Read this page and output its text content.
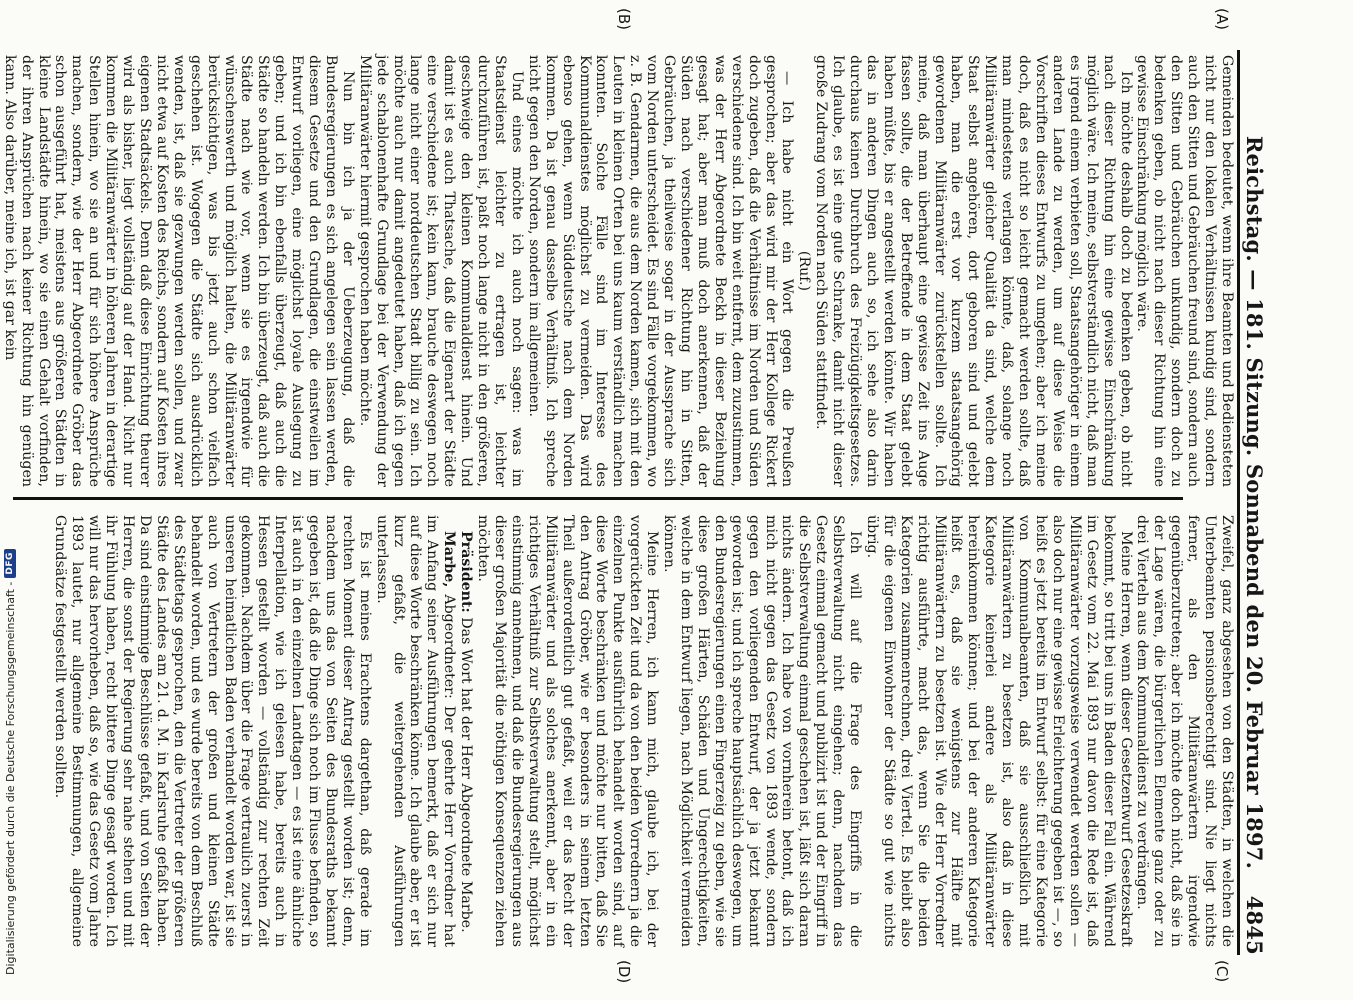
Reichstag. — 181. Sitzung. Sonnabend den 20. Februar 1897.
4845
(A)
(B)
(C)
(D)

Gemeinden bedeutet, wenn ihre Beamten und Bediensteten nicht nur den lokalen Verhältnissen kundig sind, sondern auch den Sitten und Gebräuchen freund sind, sondern auch den Sitten und Gebräuchen unkundig, sondern doch zu bedenken geben, ob nicht nach dieser Richtung hin eine gewisse Einschränkung möglich wäre.

Ich möchte deshalb doch zu bedenken geben, ob nicht nach dieser Richtung hin eine gewisse Einschränkung möglich wäre. Ich meine, selbstverständlich nicht, daß man es irgend einem verbieten soll, Staatsangehöriger in einem anderen Lande zu werden, um auf diese Weise die Vorschriften dieses Entwurfs zu umgehen; aber ich meine doch, daß es nicht so leicht gemacht werden sollte, daß man mindestens verlangen könnte, daß, solange noch Militäranwärter gleicher Qualität da sind, welche dem Staat selbst angehören, dort geboren sind und gelebt haben, man die erst vor kurzem staatsangehörig gewordenen Militäranwärter zurückstellen sollte. Ich meine, daß man überhaupt eine gewisse Zeit ins Auge fassen sollte, die der Betreffende in dem Staat gelebt haben müßte, bis er angestellt werden könnte. Wir haben das in anderen Dingen auch so, ich sehe also darin durchaus keinen Durchbruch des Freizügigkeitsgesetzes. Ich glaube, es ist eine gute Schranke, damit nicht dieser große Zudrang vom Norden nach Süden stattfindet.

(Ruf.)

— Ich habe nicht ein Wort gegen die Preußen gesprochen; aber das wird mir der Herr Kollege Rickert doch zugeben, daß die Verhältnisse im Norden und Süden verschiedene sind. Ich bin weit entfernt, dem zuzustimmen, was der Herr Abgeordnete Beckh in dieser Beziehung gesagt hat; aber man muß doch anerkennen, daß der Süden nach verschiedener Richtung hin in Sitten, Gebräuchen, ja theilweise sogar in der Aussprache sich vom Norden unterscheidet. Es sind Fälle vorgekommen, wo z. B. Gendarmen, die aus dem Norden kamen, sich mit den Leuten in kleinen Orten bei uns kaum verständlich machen konnten. Solche Fälle sind im Interesse des Kommunaldienstes möglichst zu vermeiden. Das wird ebenso gehen, wenn Süddeutsche nach dem Norden kommen. Da ist genau dasselbe Verhältniß. Ich spreche nicht gegen den Norden, sondern im allgemeinen.

Und eines möchte ich auch noch sagen: was im Staatsdienst leichter zu ertragen ist, leichter durchzuführen ist, paßt noch lange nicht in den größeren, geschweige den kleinen Kommunaldienst hinein. Und damit ist es auch Thatsache, daß die Eigenart der Städte eine verschiedene ist; kein kann, brauche deswegen noch lange nicht einer norddeutschen Stadt billig zu sein. Ich möchte auch nur damit angedeutet haben, daß ich gegen jede schablonenhafte Grundlage bei der Verwendung der Militäranwärter hiermit gesprochen haben möchte.

Nun bin ich ja der Ueberzeugung, daß die Bundesregierungen es sich angelegen sein lassen werden, diesem Gesetze und den Grundlagen, die einstweilen im Entwurf vorliegen, eine möglichst loyale Auslegung zu geben; und ich bin ebenfalls überzeugt, daß auch die Städte so handeln werden. Ich bin überzeugt, daß auch die Städte nach wie vor, wenn sie es irgendwie für wünschenswerth und möglich halten, die Militäranwärter berücksichtigen, was bis jetzt auch schon vielfach geschehen ist. Wogegen die Städte sich ausdrücklich wenden, ist, daß sie gezwungen werden sollen, und zwar nicht etwa auf Kosten des Reichs, sondern auf Kosten ihres eigenen Stadtsäckels. Denn daß diese Einrichtung theurer wird als bisher, liegt vollständig auf der Hand. Nicht nur kommen die Militäranwärter in höheren Jahren in derartige Stellen hinein, wo sie an und für sich höhere Ansprüche machen, sondern, wie der Herr Abgeordnete Gröber das schon ausgeführt hat, meistens aus größeren Städten in kleine Landstädte hinein, wo sie einen Gehalt vorfinden, der ihren Ansprüchen nach keiner Richtung hin genügen kann. Also darüber, meine ich, ist gar kein

Zweifel, ganz abgesehen von den Städten, in welchen die Unterbeamten pensionsberechtigt sind. Nie liegt nichts ferner, als den Militäranwärtern irgendwie gegenüberzutreten; aber ich möchte doch nicht, daß sie in der Lage wären, die bürgerlichen Elemente ganz oder zu drei Vierteln aus dem Kommunaldienst zu verdrängen.

Meine Herren, wenn dieser Gesetzentwurf Gesetzeskraft bekommt, so tritt bei uns in Baden dieser Fall ein. Während im Gesetz vom 22. Mai 1893 nur davon die Rede ist, daß Militäranwärter vorzugsweise verwendet werden sollen — also doch nur eine gewisse Erleichterung gegeben ist —, so heißt es jetzt bereits im Entwurf selbst: für eine Kategorie von Kommunalbeamten, daß sie ausschließlich mit Militäranwärtern zu besetzen ist, also daß in diese Kategorie keinerlei andere als Militäranwärter hereinkommen können; und bei der anderen Kategorie heißt es, daß sie wenigstens zur Hälfte mit Militäranwärtern zu besetzen ist. Wie der Herr Vorredner richtig ausführte, macht das, wenn Sie die beiden Kategorien zusammenrechnen, drei Viertel. Es bleibt also für die eigenen Einwohner der Städte so gut wie nichts übrig.

Ich will auf die Frage des Eingriffs in die Selbstverwaltung nicht eingehen; denn, nachdem das Gesetz einmal gemacht und publizirt ist und der Eingriff in die Selbstverwaltung einmal geschehen ist, läßt sich daran nichts ändern. Ich habe von vornherein betont, daß ich mich nicht gegen das Gesetz von 1893 wende, sondern gegen den vorliegenden Entwurf, der ja jetzt bekannt geworden ist; und ich spreche hauptsächlich deswegen, um den Bundesregierungen einen Fingerzeig zu geben, wie sie diese großen Härten, Schäden und Ungerechtigkeiten, welche in dem Entwurf liegen, nach Möglichkeit vermeiden können.

Meine Herren, ich kann mich, glaube ich, bei der vorgerückten Zeit und da von den beiden Vorrednern ja die einzelnen Punkte ausführlich behandelt worden sind, auf diese Worte beschränken und möchte nur bitten, daß Sie den Antrag Gröber, wie er besonders in seinem letzten Theil außerordentlich gut gefaßt, weil er das Recht der Militäranwärter und als solches anerkennt, aber in ein richtiges Verhältniß zur Selbstverwaltung stellt, möglichst einstimmig annehmen, und daß die Bundesregierungen aus dieser großen Majorität die nöthigen Konsequenzen ziehen möchten.

Präsident: Das Wort hat der Herr Abgeordnete Marbe.

Marbe, Abgeordneter: Der geehrte Herr Vorredner hat im Anfang seiner Ausführungen bemerkt, daß er sich nur auf diese Worte beschränken könne. Ich glaube aber, er ist kurz gefaßt, die weitergehenden Ausführungen unterlassen.

Es ist meines Erachtens dargethan, daß gerade im rechten Moment dieser Antrag gestellt worden ist; denn, nachdem uns das von Seiten des Bundesraths bekannt gegeben ist, daß die Dinge sich noch im Flusse befinden, so ist auch in den einzelnen Landtagen — es ist eine ähnliche Interpellation, wie ich gelesen habe, bereits auch in Hessen gestellt worden — vollständig zur rechten Zeit gekommen. Nachdem über die Frage vertraulich zuerst in unseren heimatlichen Baden verhandelt worden war, ist sie auch von Vertretern der großen und kleinen Städte behandelt worden, und es wurde bereits von dem Beschluß des Städtetags gesprochen, den die Vertreter der größeren Städte des Landes am 21. d. M. in Karlsruhe gefaßt haben. Da sind einstimmige Beschlüsse gefaßt, und von Seiten der Herren, die sonst der Regierung sehr nahe stehen und mit ihr Fühlung haben, recht bittere Dinge gesagt worden. Ich will nur das hervorheben, daß so, wie das Gesetz vom Jahre 1893 lautet, nur allgemeine Bestimmungen, allgemeine Grundsätze festgestellt werden sollten.

Digitalisierung gefördert durch die Deutsche Forschungsgemeinschaft -
DFG
